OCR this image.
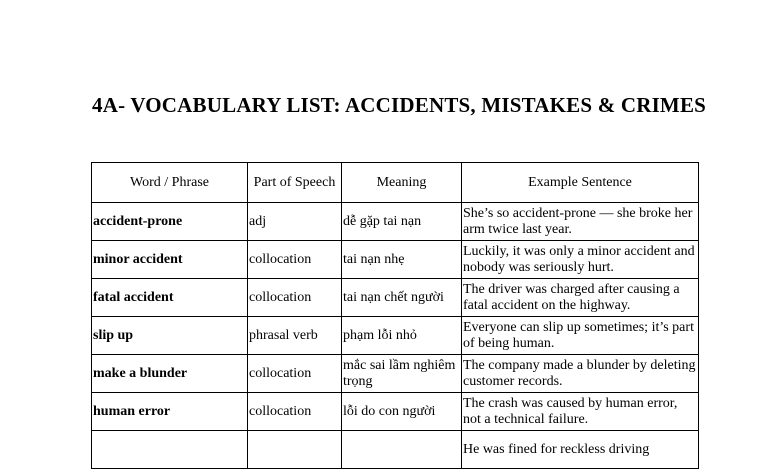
4A- VOCABULARY LIST: ACCIDENTS, MISTAKES & CRIMES
Word / Phrase	Part of Speech	Meaning	Example Sentence
accident-prone	adj	dễ gặp tai nạn	She’s so accident-prone — she broke her arm twice last year.
minor accident	collocation	tai nạn nhẹ	Luckily, it was only a minor accident and nobody was seriously hurt.
fatal accident	collocation	tai nạn chết người	The driver was charged after causing a fatal accident on the highway.
slip up	phrasal verb	phạm lỗi nhỏ	Everyone can slip up sometimes; it’s part of being human.
make a blunder	collocation	mắc sai lầm nghiêm trọng	The company made a blunder by deleting customer records.
human error	collocation	lỗi do con người	The crash was caused by human error, not a technical failure.
			He was fined for reckless driving
